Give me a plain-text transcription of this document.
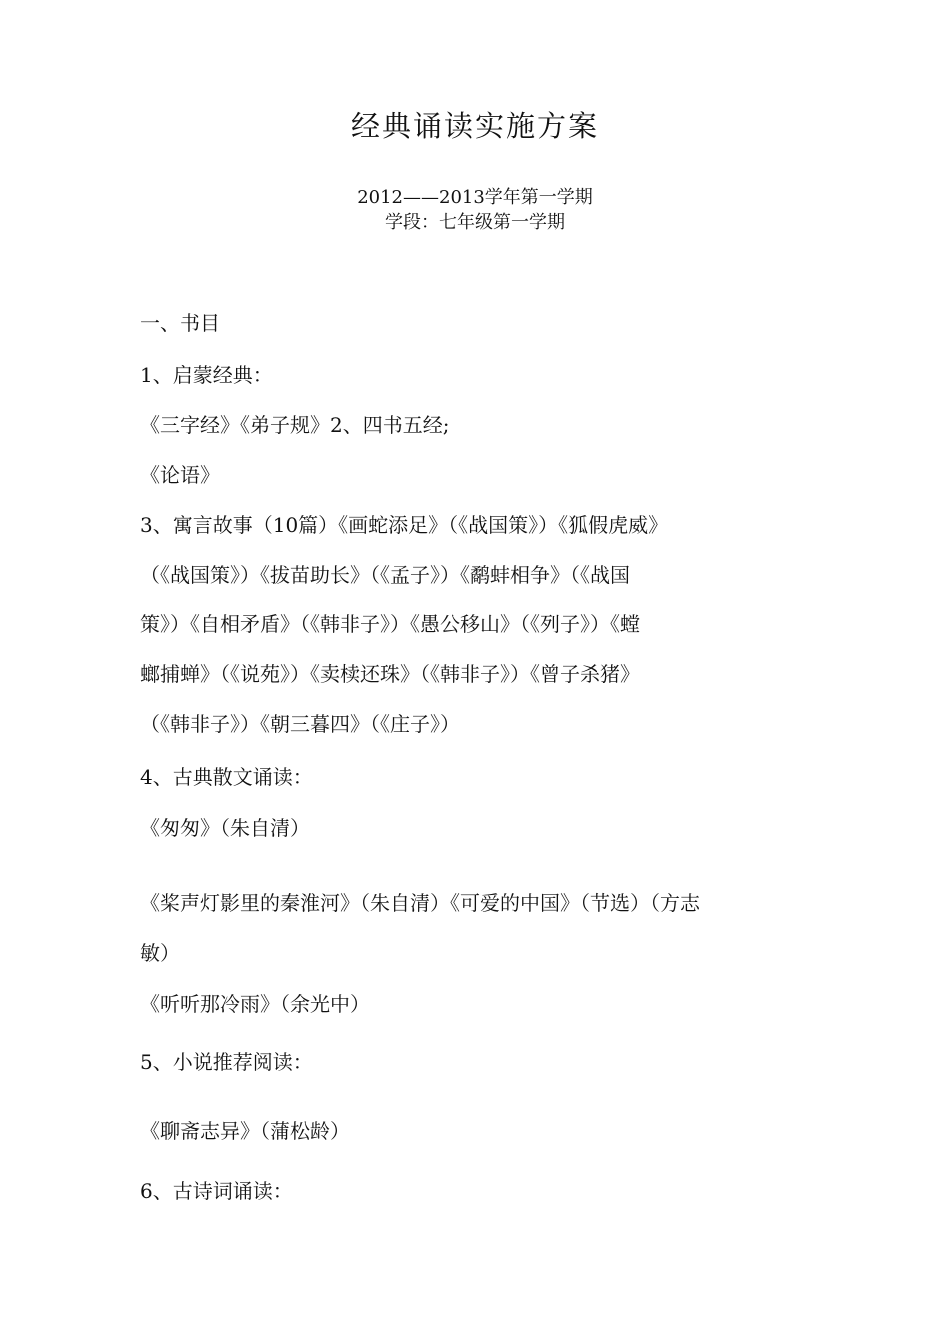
经典诵读实施方案
2012——2013学年第一学期
学段：七年级第一学期
一、书目
1、启蒙经典：
《三字经》《弟子规》2、四书五经;
《论语》
3、寓言故事（10篇）《画蛇添足》（《战国策》）《狐假虎威》
（《战国策》）《拔苗助长》（《孟子》）《鹬蚌相争》（《战国
策》）《自相矛盾》（《韩非子》）《愚公移山》（《列子》）《螳
螂捕蝉》（《说苑》）《卖椟还珠》（《韩非子》）《曾子杀猪》
（《韩非子》）《朝三暮四》（《庄子》）
4、古典散文诵读：
《匆匆》（朱自清）
《桨声灯影里的秦淮河》（朱自清）《可爱的中国》（节选）（方志
敏）
《听听那冷雨》（余光中）
5、小说推荐阅读：
《聊斋志异》（蒲松龄）
6、古诗词诵读：
